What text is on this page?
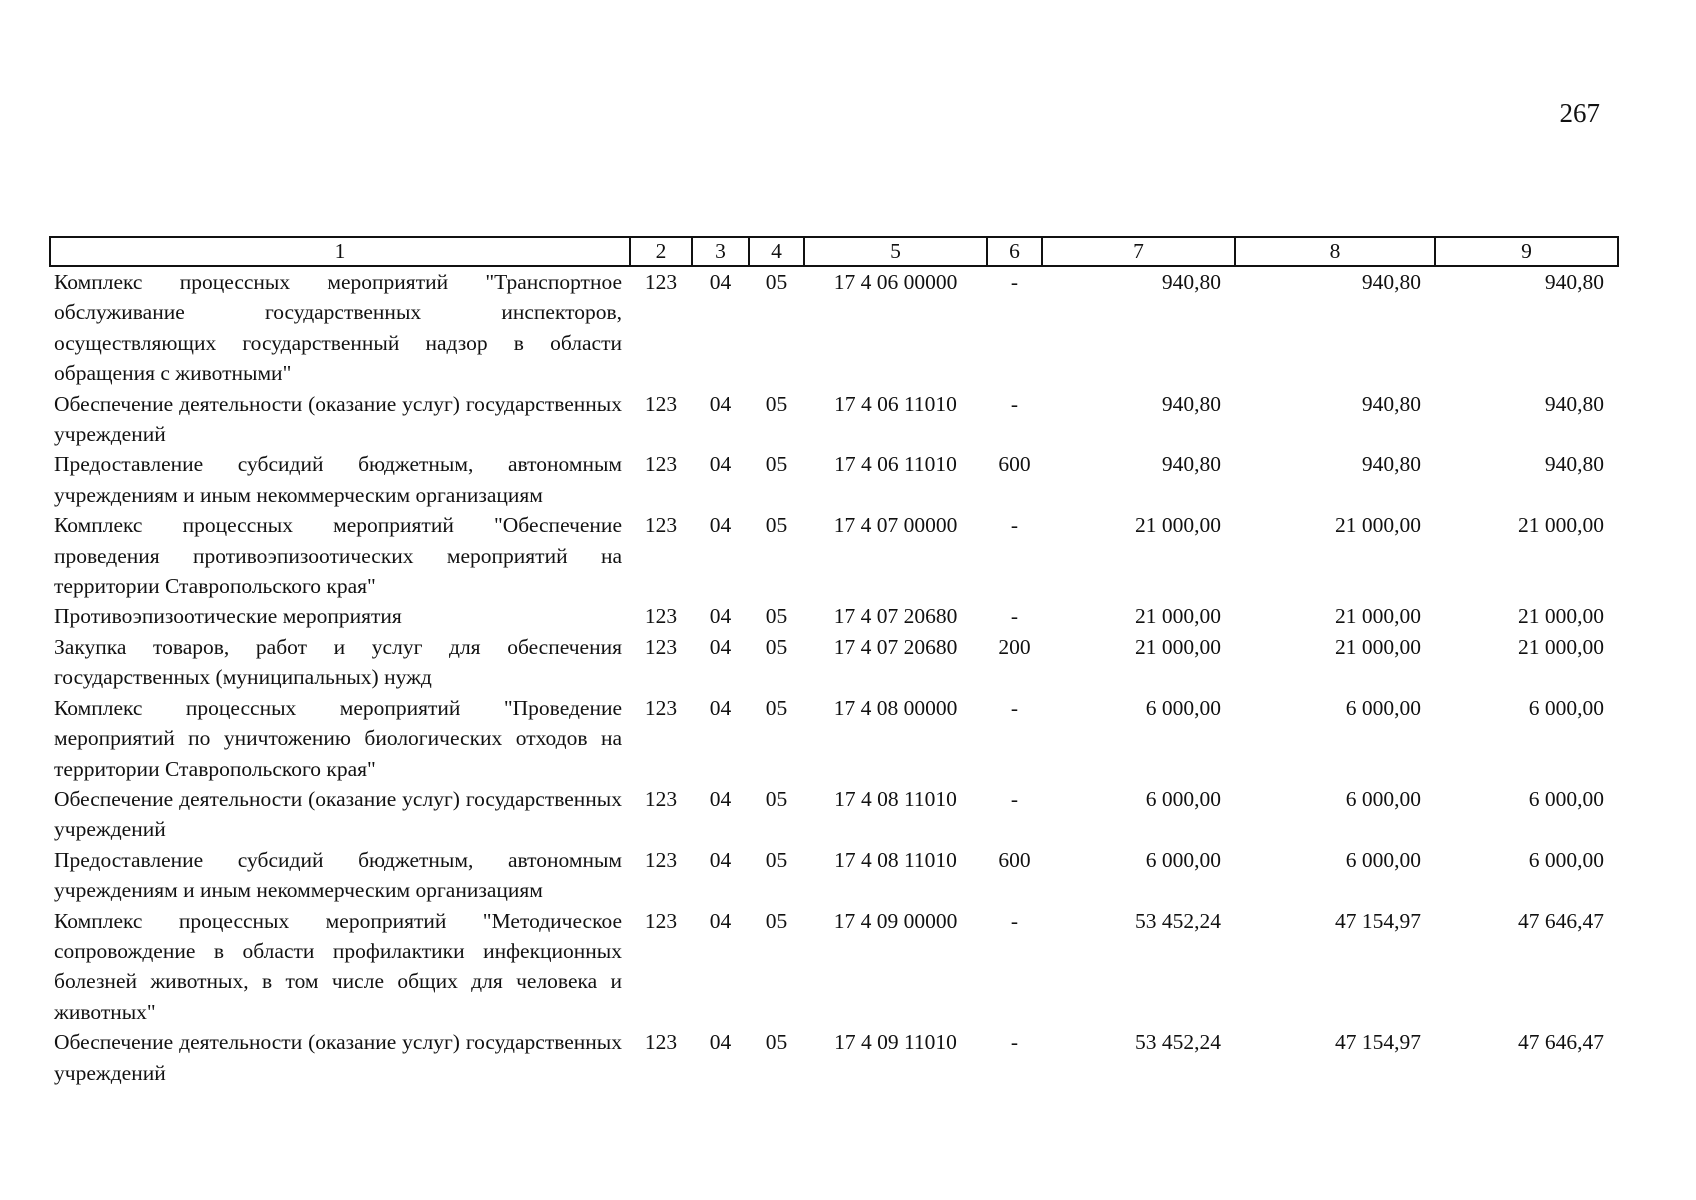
267
1	2	3	4	5	6	7	8	9
Комплекс процессных мероприятий "Транспортное обслуживание государственных инспекторов, осуществляющих государственный надзор в области обращения с животными"	123	04	05	17 4 06 00000	-	940,80	940,80	940,80
Обеспечение деятельности (оказание услуг) государственных учреждений	123	04	05	17 4 06 11010	-	940,80	940,80	940,80
Предоставление субсидий бюджетным, автономным учреждениям и иным некоммерческим организациям	123	04	05	17 4 06 11010	600	940,80	940,80	940,80
Комплекс процессных мероприятий "Обеспечение проведения противоэпизоотических мероприятий на территории Ставропольского края"	123	04	05	17 4 07 00000	-	21 000,00	21 000,00	21 000,00
Противоэпизоотические мероприятия	123	04	05	17 4 07 20680	-	21 000,00	21 000,00	21 000,00
Закупка товаров, работ и услуг для обеспечения государственных (муниципальных) нужд	123	04	05	17 4 07 20680	200	21 000,00	21 000,00	21 000,00
Комплекс процессных мероприятий "Проведение мероприятий по уничтожению биологических отходов на территории Ставропольского края"	123	04	05	17 4 08 00000	-	6 000,00	6 000,00	6 000,00
Обеспечение деятельности (оказание услуг) государственных учреждений	123	04	05	17 4 08 11010	-	6 000,00	6 000,00	6 000,00
Предоставление субсидий бюджетным, автономным учреждениям и иным некоммерческим организациям	123	04	05	17 4 08 11010	600	6 000,00	6 000,00	6 000,00
Комплекс процессных мероприятий "Методическое сопровождение в области профилактики инфекционных болезней животных, в том числе общих для человека и животных"	123	04	05	17 4 09 00000	-	53 452,24	47 154,97	47 646,47
Обеспечение деятельности (оказание услуг) государственных учреждений	123	04	05	17 4 09 11010	-	53 452,24	47 154,97	47 646,47
